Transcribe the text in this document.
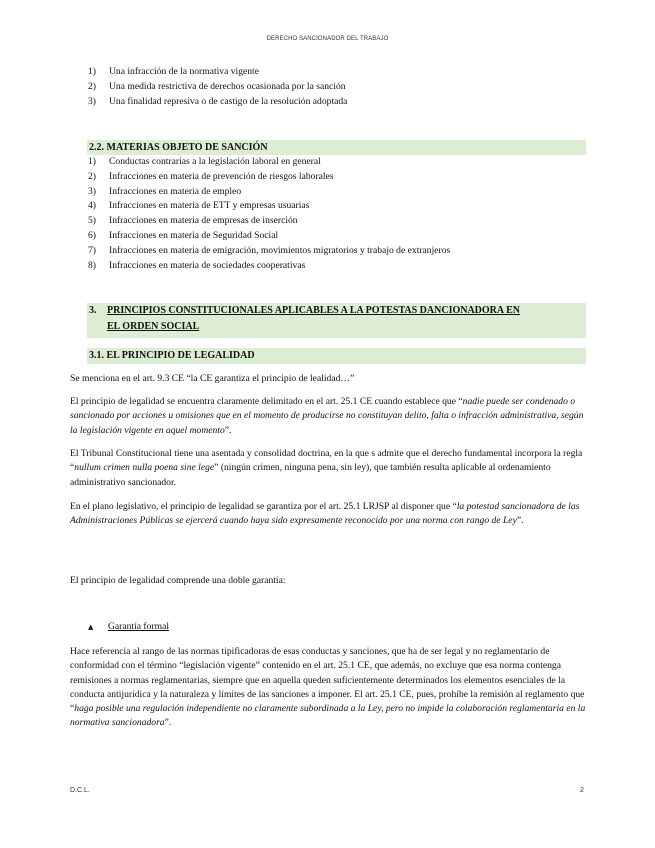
DERECHO SANCIONADOR DEL TRABAJO
1) Una infracción de la normativa vigente
2) Una medida restrictiva de derechos ocasionada por la sanción
3) Una finalidad represiva o de castigo de la resolución adoptada
2.2. MATERIAS OBJETO DE SANCIÓN
1) Conductas contrarias a la legislación laboral en general
2) Infracciones en materia de prevención de riesgos laborales
3) Infracciones en materia de empleo
4) Infracciones en materia de ETT y empresas usuarias
5) Infracciones en materia de empresas de inserción
6) Infracciones en materia de Seguridad Social
7) Infracciones en materia de emigración, movimientos migratorios y trabajo de extranjeros
8) Infracciones en materia de sociedades cooperativas
3. PRINCIPIOS CONSTITUCIONALES APLICABLES A LA POTESTAS DANCIONADORA EN
EL ORDEN SOCIAL
3.1. EL PRINCIPIO DE LEGALIDAD
Se menciona en el art. 9.3 CE “la CE garantiza el principio de lealidad…”
El principio de legalidad se encuentra claramente delimitado en el art. 25.1 CE cuando establece que “nadie puede ser condenado o sancionado por acciones u omisiones que en el momento de producirse no constituyan delito, falta o infracción administrativa, según la legislación vigente en aquel momento”.
El Tribunal Constitucional tiene una asentada y consolidad doctrina, en la que s admite que el derecho fundamental incorpora la regla “nullum crimen nulla poena sine lege” (ningún crimen, ninguna pena, sin ley), que también resulta aplicable al ordenamiento administrativo sancionador.
En el plano legislativo, el principio de legalidad se garantiza por el art. 25.1 LRJSP al disponer que “la potestad sancionadora de las Administraciones Públicas se ejercerá cuando haya sido expresamente reconocido por una norma con rango de Ley”.
El principio de legalidad comprende una doble garantía:
▲ Garantía formal
Hace referencia al rango de las normas tipificadoras de esas conductas y sanciones, que ha de ser legal y no reglamentario de conformidad con el término “legislación vigente” contenido en el art. 25.1 CE, que además, no excluye que esa norma contenga remisiones a normas reglamentarias, siempre que en aquella queden suficientemente determinados los elementos esenciales de la conducta antijurídica y la naturaleza y límites de las sanciones a imponer. El art. 25.1 CE, pues, prohíbe la remisión al reglamento que “haga posible una regulación independiente no claramente subordinada a la Ley, pero no impide la colaboración reglamentaria en la normativa sancionadora”.
D.C.L.	2
